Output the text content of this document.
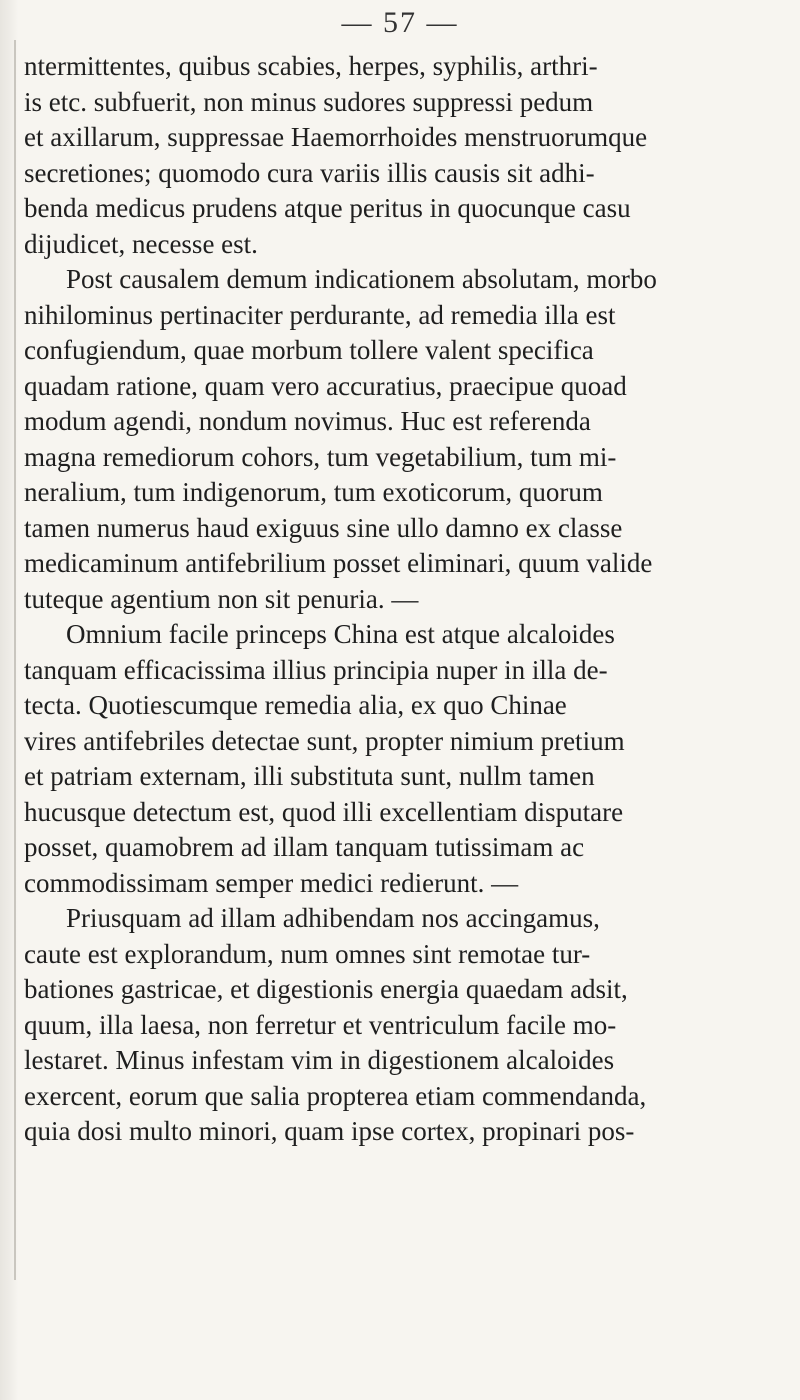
— 57 —
ntermittentes, quibus scabies, herpes, syphilis, arthri-
is etc. subfuerit, non minus sudores suppressi pedum
et axillarum, suppressae Haemorrhoides menstruorumque
secretiones; quomodo cura variis illis causis sit adhi-
benda medicus prudens atque peritus in quocunque casu
dijudicet, necesse est.
Post causalem demum indicationem absolutam, morbo
nihilominus pertinaciter perdurante, ad remedia illa est
confugiendum, quae morbum tollere valent specifica
quadam ratione, quam vero accuratius, praecipue quoad
modum agendi, nondum novimus. Huc est referenda
magna remediorum cohors, tum vegetabilium, tum mi-
neralium, tum indigenorum, tum exoticorum, quorum
tamen numerus haud exiguus sine ullo damno ex classe
medicaminum antifebrilium posset eliminari, quum valide
tuteque agentium non sit penuria. —
Omnium facile princeps China est atque alcaloides
tanquam efficacissima illius principia nuper in illa de-
tecta. Quotiescumque remedia alia, ex quo Chinae
vires antifebriles detectae sunt, propter nimium pretium
et patriam externam, illi substituta sunt, nullm tamen
hucusque detectum est, quod illi excellentiam disputare
posset, quamobrem ad illam tanquam tutissimam ac
commodissimam semper medici redierunt. —
Priusquam ad illam adhibendam nos accingamus,
caute est explorandum, num omnes sint remotae tur-
bationes gastricae, et digestionis energia quaedam adsit,
quum, illa laesa, non ferretur et ventriculum facile mo-
lestaret. Minus infestam vim in digestionem alcaloides
exercent, eorum que salia propterea etiam commendanda,
quia dosi multo minori, quam ipse cortex, propinari pos-
